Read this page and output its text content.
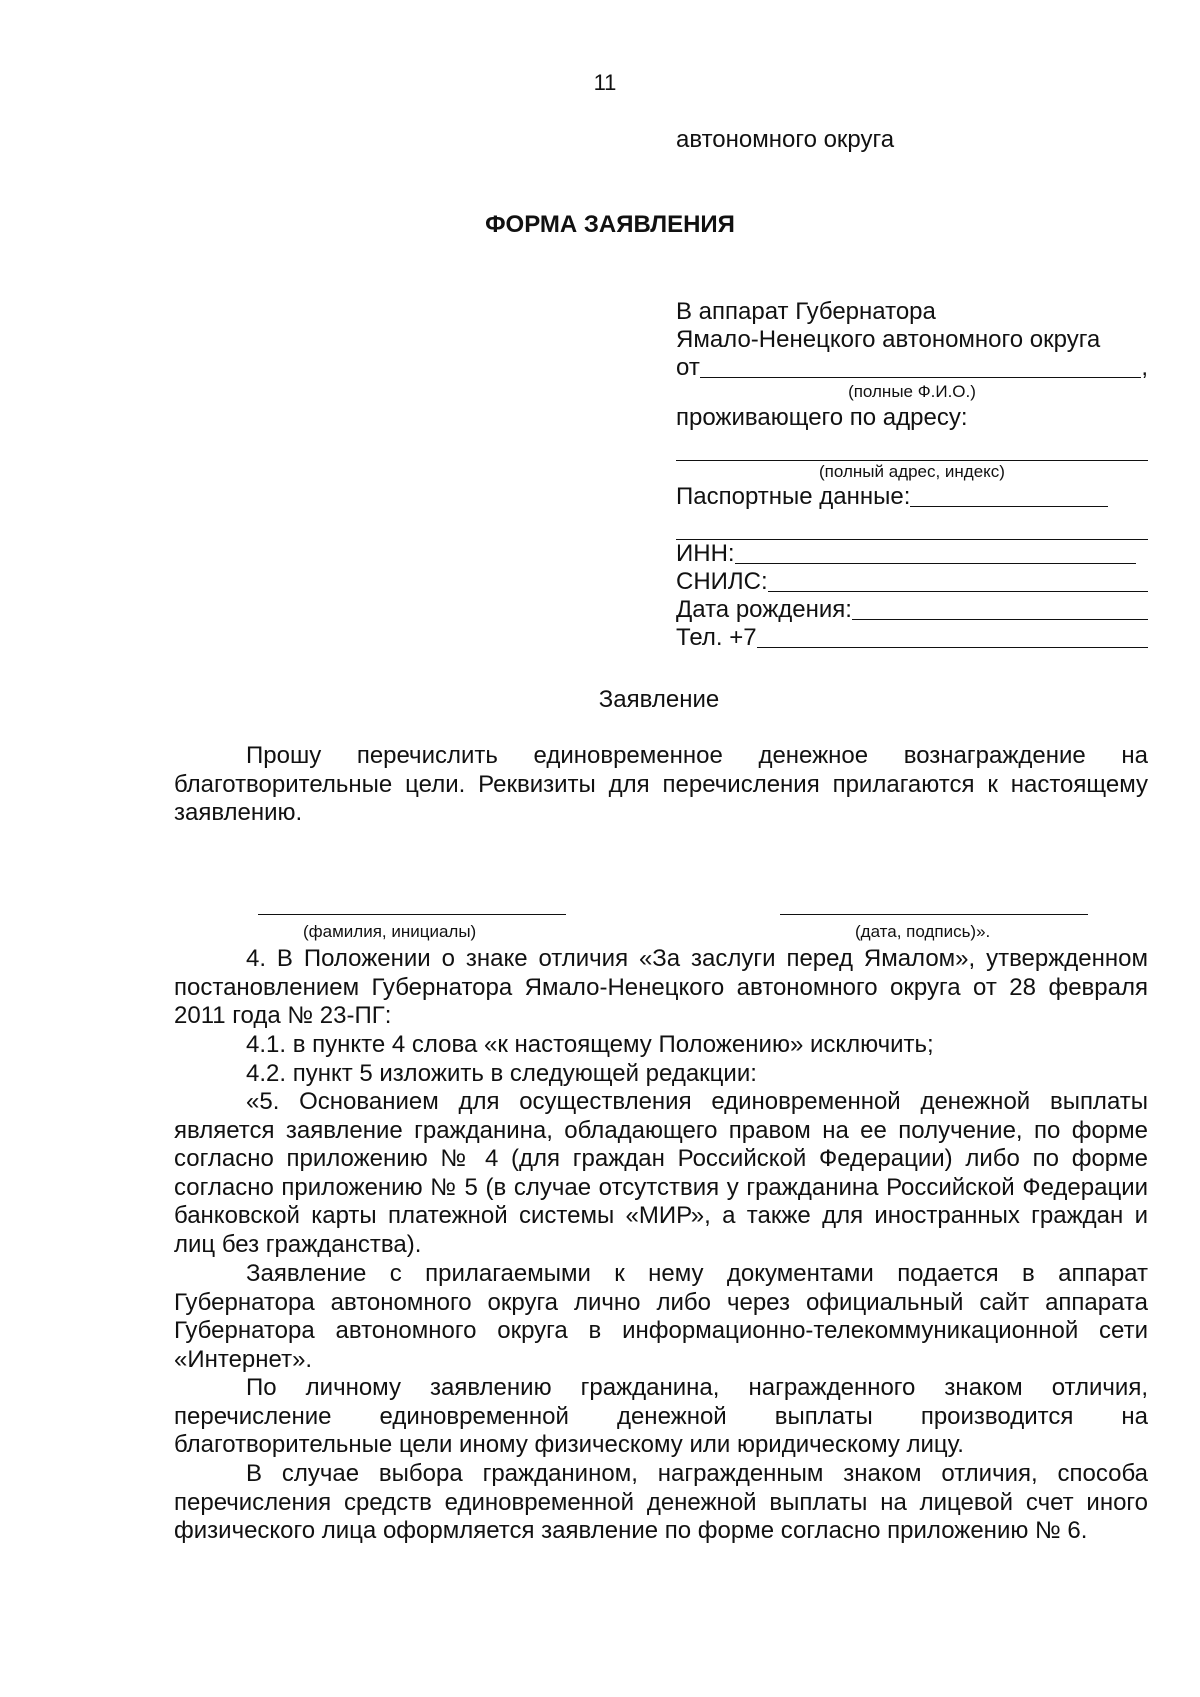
11
автономного округа
ФОРМА ЗАЯВЛЕНИЯ
В аппарат Губернатора
Ямало-Ненецкого автономного округа
от	,
(полные Ф.И.О.)
проживающего по адресу:
(полный адрес, индекс)
Паспортные данные:
ИНН:
СНИЛС:
Дата рождения:
Тел. +7
Заявление
Прошу перечислить единовременное денежное вознаграждение на благотворительные цели. Реквизиты для перечисления прилагаются к настоящему заявлению.
(фамилия, инициалы)	(дата, подпись)».
4. В Положении о знаке отличия «За заслуги перед Ямалом», утвержденном постановлением Губернатора Ямало-Ненецкого автономного округа от 28 февраля 2011 года № 23-ПГ:
4.1. в пункте 4 слова «к настоящему Положению» исключить;
4.2. пункт 5 изложить в следующей редакции:
«5. Основанием для осуществления единовременной денежной выплаты является заявление гражданина, обладающего правом на ее получение, по форме согласно приложению № 4 (для граждан Российской Федерации) либо по форме согласно приложению № 5 (в случае отсутствия у гражданина Российской Федерации банковской карты платежной системы «МИР», а также для иностранных граждан и лиц без гражданства).
Заявление с прилагаемыми к нему документами подается в аппарат Губернатора автономного округа лично либо через официальный сайт аппарата Губернатора автономного округа в информационно-телекоммуникационной сети «Интернет».
По личному заявлению гражданина, награжденного знаком отличия, перечисление единовременной денежной выплаты производится на благотворительные цели иному физическому или юридическому лицу.
В случае выбора гражданином, награжденным знаком отличия, способа перечисления средств единовременной денежной выплаты на лицевой счет иного физического лица оформляется заявление по форме согласно приложению № 6.
